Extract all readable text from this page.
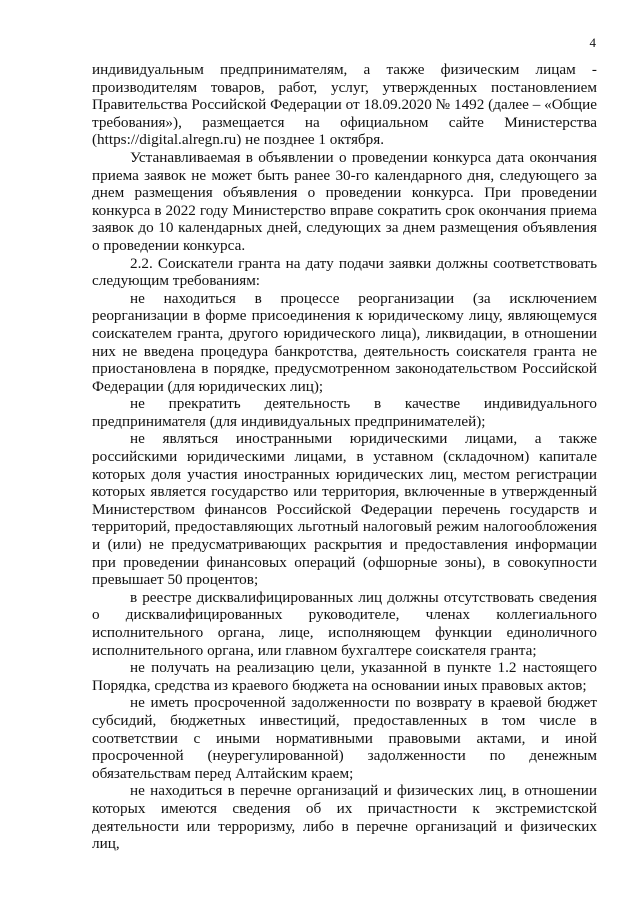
4

индивидуальным предпринимателям, а также физическим лицам - производителям товаров, работ, услуг, утвержденных постановлением Правительства Российской Федерации от 18.09.2020 № 1492 (далее – «Общие требования»), размещается на официальном сайте Министерства (https://digital.alregn.ru) не позднее 1 октября.

Устанавливаемая в объявлении о проведении конкурса дата окончания приема заявок не может быть ранее 30-го календарного дня, следующего за днем размещения объявления о проведении конкурса. При проведении конкурса в 2022 году Министерство вправе сократить срок окончания приема заявок до 10 календарных дней, следующих за днем размещения объявления о проведении конкурса.

2.2. Соискатели гранта на дату подачи заявки должны соответствовать следующим требованиям:

не находиться в процессе реорганизации (за исключением реорганизации в форме присоединения к юридическому лицу, являющемуся соискателем гранта, другого юридического лица), ликвидации, в отношении них не введена процедура банкротства, деятельность соискателя гранта не приостановлена в порядке, предусмотренном законодательством Российской Федерации (для юридических лиц);

не прекратить деятельность в качестве индивидуального предпринимателя (для индивидуальных предпринимателей);

не являться иностранными юридическими лицами, а также российскими юридическими лицами, в уставном (складочном) капитале которых доля участия иностранных юридических лиц, местом регистрации которых является государство или территория, включенные в утвержденный Министерством финансов Российской Федерации перечень государств и территорий, предоставляющих льготный налоговый режим налогообложения и (или) не предусматривающих раскрытия и предоставления информации при проведении финансовых операций (офшорные зоны), в совокупности превышает 50 процентов;

в реестре дисквалифицированных лиц должны отсутствовать сведения о дисквалифицированных руководителе, членах коллегиального исполнительного органа, лице, исполняющем функции единоличного исполнительного органа, или главном бухгалтере соискателя гранта;

не получать на реализацию цели, указанной в пункте 1.2 настоящего Порядка, средства из краевого бюджета на основании иных правовых актов;

не иметь просроченной задолженности по возврату в краевой бюджет субсидий, бюджетных инвестиций, предоставленных в том числе в соответствии с иными нормативными правовыми актами, и иной просроченной (неурегулированной) задолженности по денежным обязательствам перед Алтайским краем;

не находиться в перечне организаций и физических лиц, в отношении которых имеются сведения об их причастности к экстремистской деятельности или терроризму, либо в перечне организаций и физических лиц,
